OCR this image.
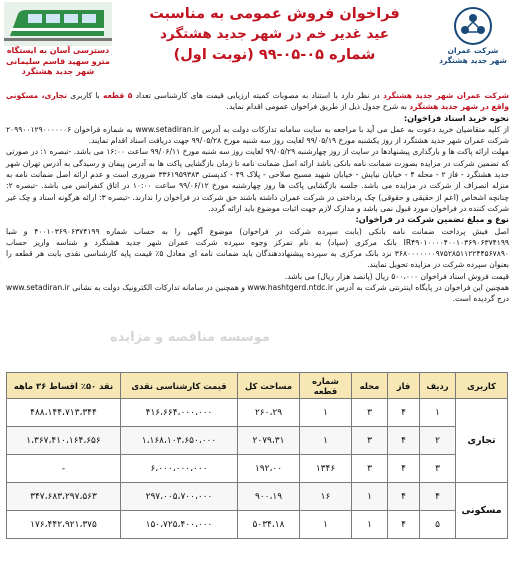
شرکت عمران
شهر جدید هشتگرد
فراخوان فروش عمومی به مناسبت
عید غدیر خم در شهر جدید هشتگرد
شماره ۰۵-۰۵-۹۹ (نوبت اول)
دسترسی آسان به ایستگاه مترو سهید قاسم سلیمانی شهر جدید هشتگرد

شرکت عمران شهر جدید هشتگرد در نظر دارد با استناد به مصوبات کمیته ارزیابی قیمت های کارشناسی تعداد ۵ قطعه با کاربری تجاری، مسکونی واقع در شهر جدید هشتگرد به شرح جدول ذیل از طریق فراخوان عمومی اقدام نماید.

نحوه خرید اسناد فراخوان:

از کلیه متقاضیان خرید دعوت به عمل می آید با مراجعه به سایت سامانه تدارکات دولت به آدرس www.setadiran.ir به شماره فراخوان ۲۰۹۹۰۰۱۲۹۰۰۰۰۰۰۶ شرکت عمران شهر جدید هشتگرد از روز یکشنبه مورخ ۹۹/۰۵/۱۹ لغایت روز سه شنبه مورخ ۹۹/۰۵/۲۸ جهت دریافت اسناد اقدام نمایند.

مهلت ارائه پاکت ها و بارگذاری پیشنهادها در سایت از روز چهارشنبه ۹۹/۰۵/۲۹ لغایت روز سه شنبه مورخ ۹۹/۰۶/۱۱ ساعت ۱۶:۰۰ می باشد. -تبصره ۱: در صورتی که تضمین شرکت در مزایده بصورت ضمانت نامه بانکی باشد ارائه اصل ضمانت نامه تا زمان بازگشایی پاکت ها به آدرس پیمان و رسیدگی به آدرس تهران شهر جدید هشتگرد - فاز ۲ - محله ۴ - خیابان نیایش - خیابان شهید مسیح صلاحی - پلاک ۴۹ - کدپستی ۳۳۶۱۹۵۹۳۸۳ ضروری است و عدم ارائه اصل ضمانت نامه به منزله انصراف از شرکت در مزایده می باشد. جلسه بازگشایی پاکت ها روز چهارشنبه مورخ ۹۹/۰۶/۱۲ ساعت ۱۰:۰۰ در اتاق کنفرانس می باشد. -تبصره ۲: چنانچه اشخاص (اعم از حقیقی و حقوقی) چک پرداختی در شرکت عمران داشته باشند حق شرکت در فراخوان را ندارند. -تبصره ۳: ارائه هرگونه اسناد و چک غیر شرکت کننده در فراخوان مورد قبول نمی باشد و مدارک لازم جهت اثبات موضوع باید ارائه گردد.

نوع و مبلغ تضمین شرکت در فراخوان:

اصل فیش پرداخت ضمانت نامه بانکی (بابت سپرده شرکت در فراخوان) موضوع آگهی را به حساب شماره ۴۰۰۱۰۳۶۹۰۶۳۷۴۱۹۹ و شبا IR۴۹۰۱۰۰۰۰۴۰۰۱۰۳۶۹۰۶۳۷۴۱۹۹ بانک مرکزی (سپاد) به نام تمرکز وجوه سپرده شرکت عمران شهر جدید هشتگرد و شناسه واریز حساب ۳۶۸۰۰۰۰۰۰۰۹۷۵۲۸۵۱۱۲۲۴۴۵۶۷۸۹۰ نزد بانک مرکزی به سپرده پیشنهاددهندگان باید ضمانت نامه ای معادل ۵٪ قیمت پایه کارشناسی نقدی بابت هر قطعه را بعنوان سپرده شرکت در مزایده تحویل نمایند.

قیمت فروش اسناد فراخوان ۵۰۰،۰۰۰ ریال (پانصد هزار ریال) می باشد.

همچنین این فراخوان در پایگاه اینترنتی شرکت به آدرس www.hashtgerd.ntdc.ir و همچنین در سامانه تدارکات الکترونیک دولت به نشانی www.setadiran.ir درج گردیده است.

موسسه مناقصه و مزایده
کاربری	ردیف	فاز	محله	شماره قطعه	مساحت کل	قیمت کارشناسی نقدی	نقد ۵۰٪ اقساط ۳۶ ماهه
تجاری	۱	۴	۳	۱	۲۶۰،۲۹	۴۱۶،۶۶۴،۰۰۰،۰۰۰	۴۸۸،۱۴۴،۷۱۳،۳۴۴
	۲	۴	۳	۱	۲۰۷۹،۳۱	۱،۱۶۸،۱۰۳،۶۵۰،۰۰۰	۱،۳۶۷،۴۱۰،۱۶۴،۶۵۶
	۳	۴	۳	۱۳۴۶	۱۹۲،۰۰	۶،۰۰۰،۰۰۰،۰۰۰	-
مسکونی	۴	۴	۱	۱۶	۹۰۰،۱۹	۲۹۷،۰۰۵،۷۰۰،۰۰۰	۳۴۷،۶۸۳،۲۹۷،۵۶۳
	۵	۴	۱	۱	۵۰۳۴،۱۸	۱۵۰،۷۲۵،۴۰۰،۰۰۰	۱۷۶،۴۴۲،۹۲۱،۳۷۵
